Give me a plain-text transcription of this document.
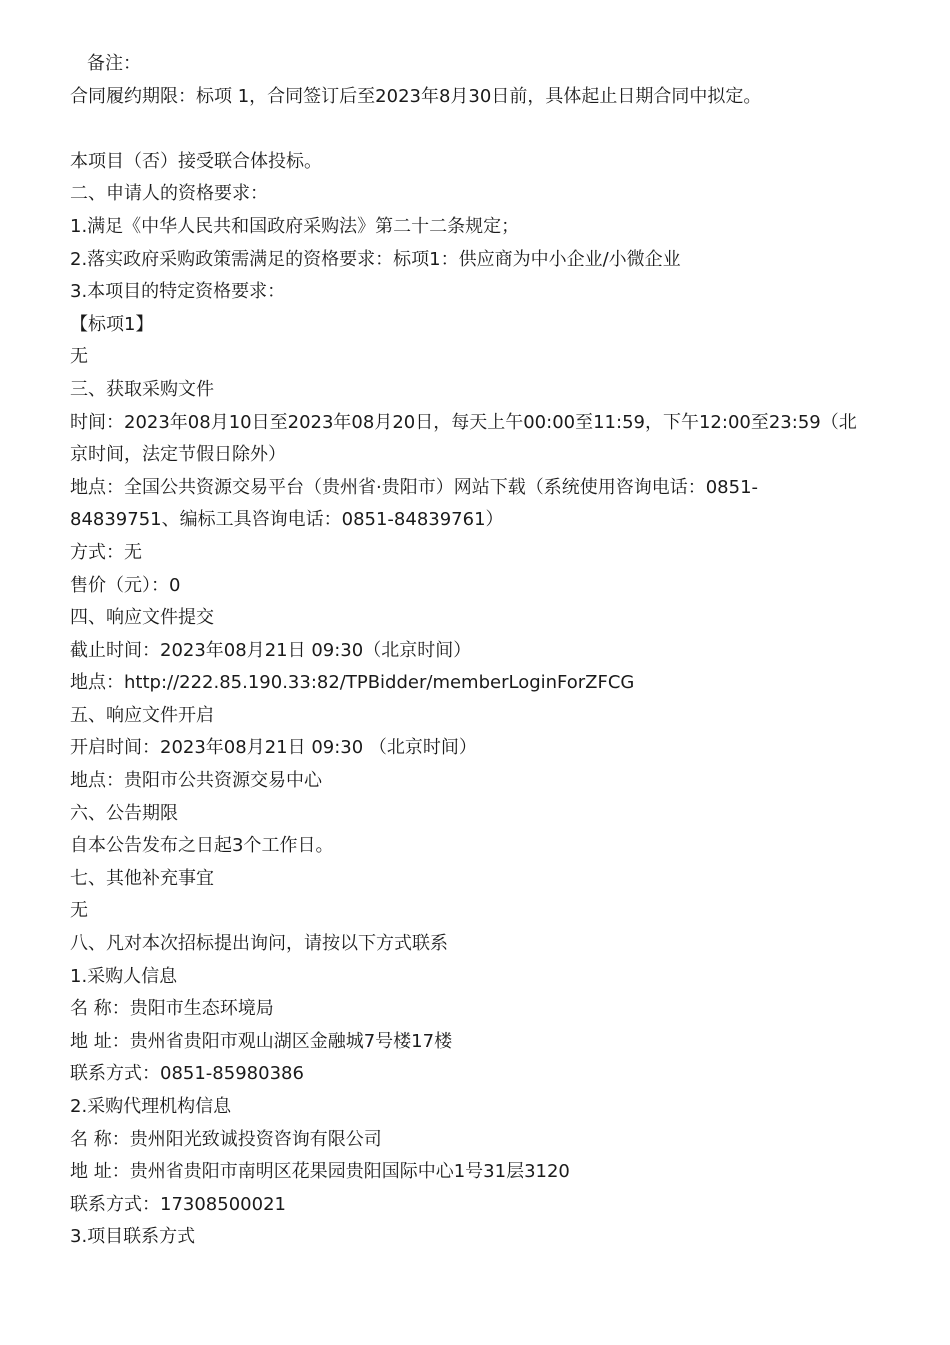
备注：
合同履约期限：标项 1，合同签订后至2023年8月30日前，具体起止日期合同中拟定。
本项目（否）接受联合体投标。
二、申请人的资格要求：
1.满足《中华人民共和国政府采购法》第二十二条规定；
2.落实政府采购政策需满足的资格要求：标项1：供应商为中小企业/小微企业
3.本项目的特定资格要求：
【标项1】
无
三、获取采购文件
时间：2023年08月10日至2023年08月20日，每天上午00:00至11:59，下午12:00至23:59（北
京时间，法定节假日除外）
地点：全国公共资源交易平台（贵州省·贵阳市）网站下载（系统使用咨询电话：0851-
84839751、编标工具咨询电话：0851-84839761）
方式：无
售价（元）：0
四、响应文件提交
截止时间：2023年08月21日 09:30（北京时间）
地点：http://222.85.190.33:82/TPBidder/memberLoginForZFCG
五、响应文件开启
开启时间：2023年08月21日 09:30 （北京时间）
地点：贵阳市公共资源交易中心
六、公告期限
自本公告发布之日起3个工作日。
七、其他补充事宜
无
八、凡对本次招标提出询问，请按以下方式联系
1.采购人信息
名 称：贵阳市生态环境局
地 址：贵州省贵阳市观山湖区金融城7号楼17楼
联系方式：0851-85980386
2.采购代理机构信息
名 称：贵州阳光致诚投资咨询有限公司
地 址：贵州省贵阳市南明区花果园贵阳国际中心1号31层3120
联系方式：17308500021
3.项目联系方式
